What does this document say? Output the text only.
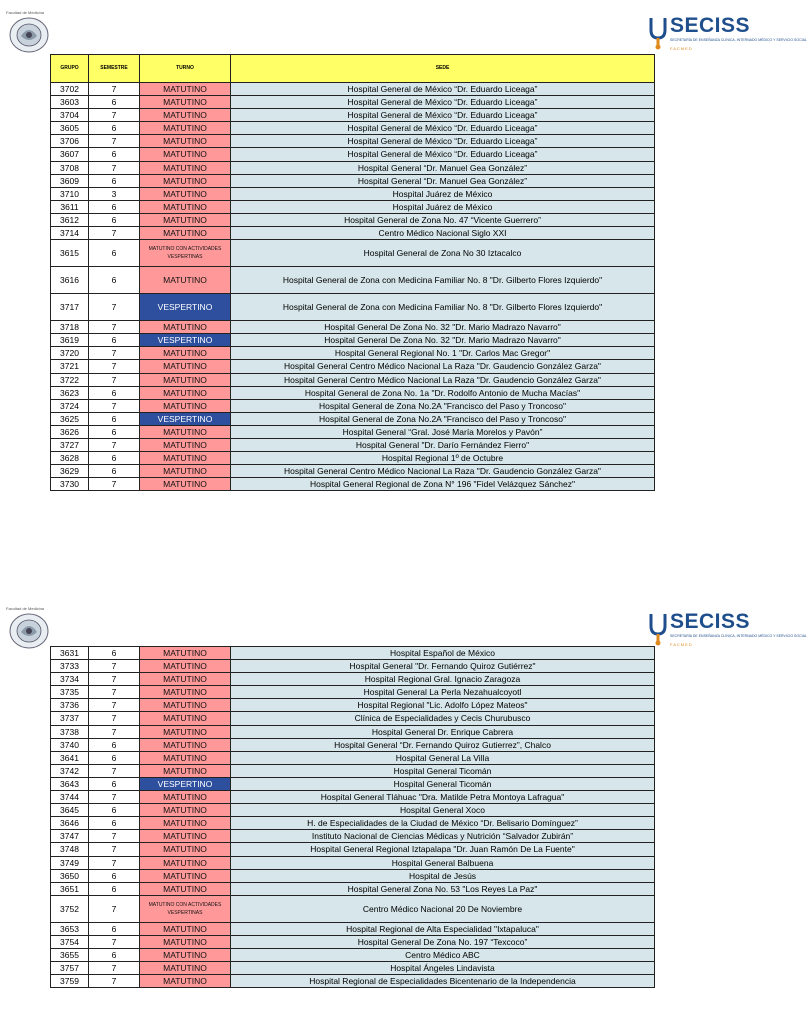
Facultad de Medicina
SECISS
SECRETARÍA DE ENSEÑANZA CLÍNICA, INTERNADO MÉDICO Y SERVICIO SOCIAL
FACMED
GRUPO	SEMESTRE	TURNO	SEDE
3702	7	MATUTINO	Hospital General de México “Dr. Eduardo Liceaga”
3603	6	MATUTINO	Hospital General de México “Dr. Eduardo Liceaga”
3704	7	MATUTINO	Hospital General de México “Dr. Eduardo Liceaga”
3605	6	MATUTINO	Hospital General de México “Dr. Eduardo Liceaga”
3706	7	MATUTINO	Hospital General de México “Dr. Eduardo Liceaga”
3607	6	MATUTINO	Hospital General de México “Dr. Eduardo Liceaga”
3708	7	MATUTINO	Hospital General “Dr. Manuel Gea González”
3609	6	MATUTINO	Hospital General “Dr. Manuel Gea González”
3710	3	MATUTINO	Hospital Juárez de México
3611	6	MATUTINO	Hospital Juárez de México
3612	6	MATUTINO	Hospital General de Zona No. 47 “Vicente Guerrero”
3714	7	MATUTINO	Centro Médico Nacional Siglo XXI
3615	6	MATUTINO CON ACTIVIDADES VESPERTINAS	Hospital General de Zona No 30 Iztacalco
3616	6	MATUTINO	Hospital General de Zona con Medicina Familiar No. 8 "Dr. Gilberto Flores Izquierdo"
3717	7	VESPERTINO	Hospital General de Zona con Medicina Familiar No. 8 "Dr. Gilberto Flores Izquierdo"
3718	7	MATUTINO	Hospital General De Zona No. 32 "Dr. Mario Madrazo Navarro"
3619	6	VESPERTINO	Hospital General De Zona No. 32 "Dr. Mario Madrazo Navarro"
3720	7	MATUTINO	Hospital General Regional No. 1 "Dr. Carlos Mac Gregor"
3721	7	MATUTINO	Hospital General Centro Médico Nacional La Raza "Dr. Gaudencio González Garza"
3722	7	MATUTINO	Hospital General Centro Médico Nacional La Raza "Dr. Gaudencio González Garza"
3623	6	MATUTINO	Hospital General de Zona No. 1a "Dr. Rodolfo Antonio de Mucha Macías"
3724	7	MATUTINO	Hospital General de Zona No.2A "Francisco del Paso y Troncoso"
3625	6	VESPERTINO	Hospital General de Zona No.2A "Francisco del Paso y Troncoso"
3626	6	MATUTINO	Hospital General “Gral. José María Morelos y Pavón”
3727	7	MATUTINO	Hospital General "Dr. Darío Fernández Fierro"
3628	6	MATUTINO	Hospital Regional 1º de Octubre
3629	6	MATUTINO	Hospital General Centro Médico Nacional La Raza "Dr. Gaudencio González Garza"
3730	7	MATUTINO	Hospital General Regional de Zona N° 196 "Fidel Velázquez Sánchez"
Facultad de Medicina
SECISS
SECRETARÍA DE ENSEÑANZA CLÍNICA, INTERNADO MÉDICO Y SERVICIO SOCIAL
FACMED
3631	6	MATUTINO	Hospital Español de México
3733	7	MATUTINO	Hospital General "Dr. Fernando Quiroz Gutiérrez"
3734	7	MATUTINO	Hospital Regional Gral. Ignacio Zaragoza
3735	7	MATUTINO	Hospital General La Perla Nezahualcoyotl
3736	7	MATUTINO	Hospital Regional "Lic. Adolfo López Mateos"
3737	7	MATUTINO	Clínica de Especialidades y Cecis Churubusco
3738	7	MATUTINO	Hospital General Dr. Enrique Cabrera
3740	6	MATUTINO	Hospital General “Dr. Fernando Quiroz Gutierrez”, Chalco
3641	6	MATUTINO	Hospital General La Villa
3742	7	MATUTINO	Hospital General Ticomán
3643	6	VESPERTINO	Hospital General Ticomán
3744	7	MATUTINO	Hospital General Tláhuac "Dra. Matilde Petra Montoya Lafragua"
3645	6	MATUTINO	Hospital General Xoco
3646	6	MATUTINO	H. de Especialidades de la Ciudad de México “Dr. Belisario Domínguez”
3747	7	MATUTINO	Instituto Nacional de Ciencias Médicas y Nutrición “Salvador Zubirán”
3748	7	MATUTINO	Hospital General Regional Iztapalapa "Dr. Juan Ramón De La Fuente"
3749	7	MATUTINO	Hospital General Balbuena
3650	6	MATUTINO	Hospital de Jesús
3651	6	MATUTINO	Hospital General Zona No. 53 "Los Reyes La Paz"
3752	7	MATUTINO CON ACTIVIDADES VESPERTINAS	Centro Médico Nacional 20 De Noviembre
3653	6	MATUTINO	Hospital Regional de Alta Especialidad "Ixtapaluca"
3754	7	MATUTINO	Hospital General De Zona No. 197 “Texcoco”
3655	6	MATUTINO	Centro Médico ABC
3757	7	MATUTINO	Hospital Ángeles Lindavista
3759	7	MATUTINO	Hospital Regional de Especialidades Bicentenario de la Independencia
